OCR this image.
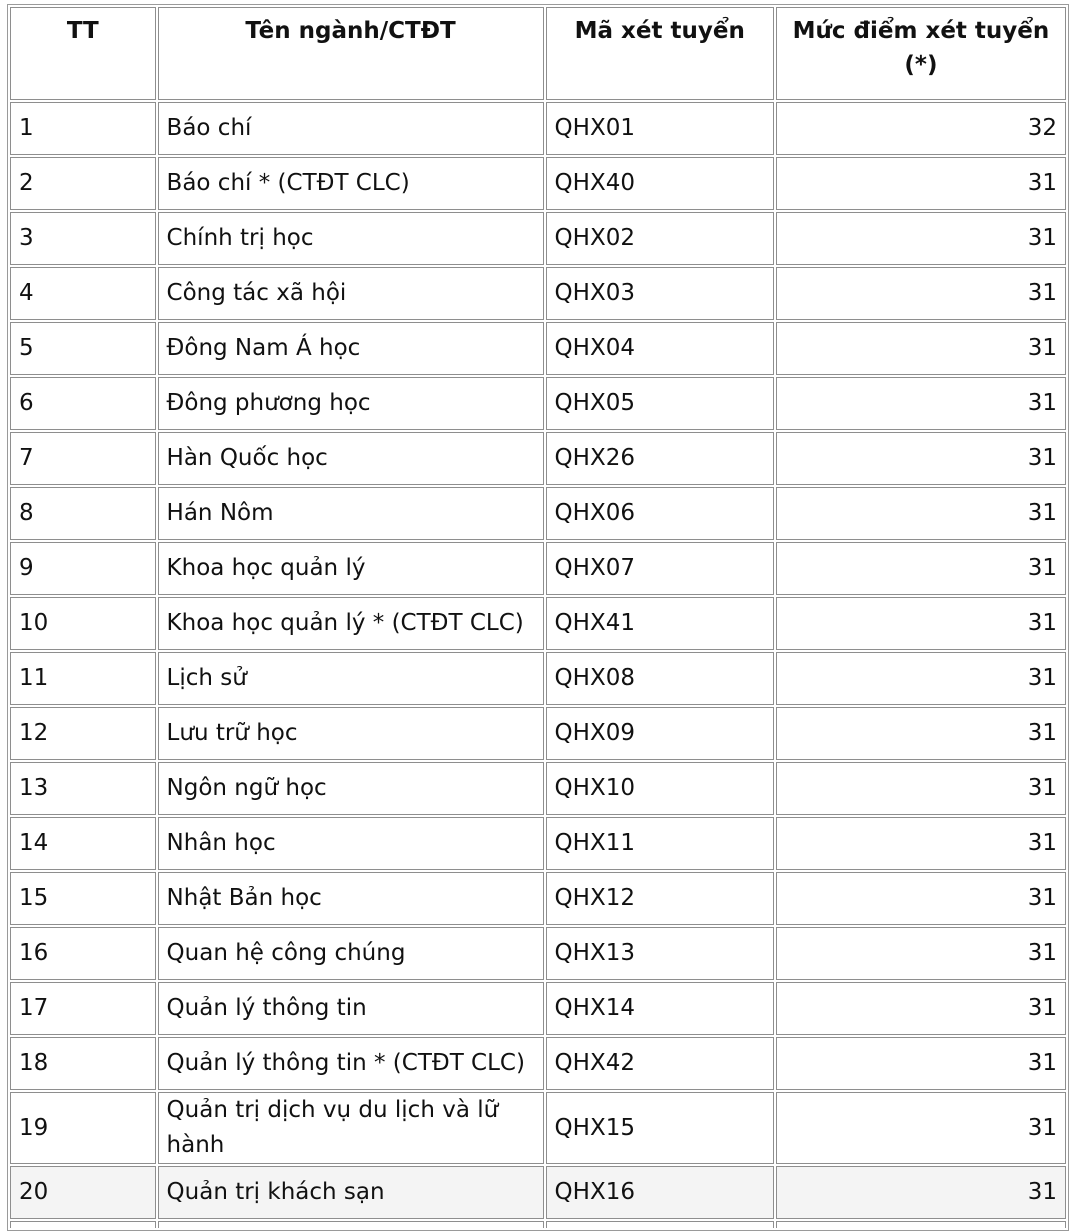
TT	Tên ngành/CTĐT	Mã xét tuyển	Mức điểm xét tuyển (*)
1	Báo chí	QHX01	32
2	Báo chí * (CTĐT CLC)	QHX40	31
3	Chính trị học	QHX02	31
4	Công tác xã hội	QHX03	31
5	Đông Nam Á học	QHX04	31
6	Đông phương học	QHX05	31
7	Hàn Quốc học	QHX26	31
8	Hán Nôm	QHX06	31
9	Khoa học quản lý	QHX07	31
10	Khoa học quản lý * (CTĐT CLC)	QHX41	31
11	Lịch sử	QHX08	31
12	Lưu trữ học	QHX09	31
13	Ngôn ngữ học	QHX10	31
14	Nhân học	QHX11	31
15	Nhật Bản học	QHX12	31
16	Quan hệ công chúng	QHX13	31
17	Quản lý thông tin	QHX14	31
18	Quản lý thông tin * (CTĐT CLC)	QHX42	31
19	Quản trị dịch vụ du lịch và lữ hành	QHX15	31
20	Quản trị khách sạn	QHX16	31
